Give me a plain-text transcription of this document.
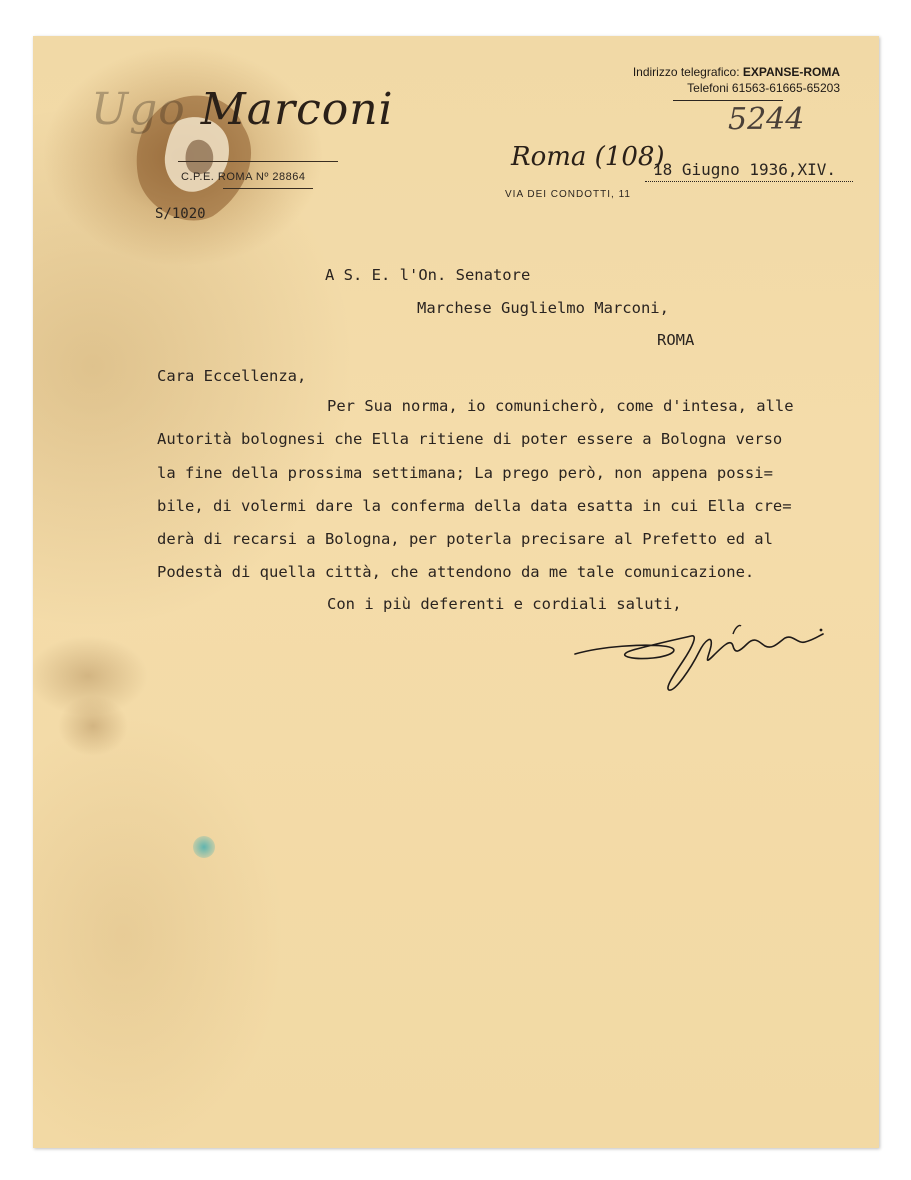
Ugo Marconi
C.P.E. ROMA Nº 28864
S/1020
Indirizzo telegrafico: EXPANSE-ROMA
Telefoni 61563-61665-65203
5244
Roma (108)
18 Giugno 1936,XIV.
VIA DEI CONDOTTI, 11
A S. E. l'On. Senatore
Marchese Guglielmo Marconi,
ROMA
Cara Eccellenza,
Per Sua norma, io comunicherò, come d'intesa, alle
Autorità bolognesi che Ella ritiene di poter essere a Bologna verso
la fine della prossima settimana; La prego però, non appena possi=
bile, di volermi dare la conferma della data esatta in cui Ella cre=
derà di recarsi a Bologna, per poterla precisare al Prefetto ed al
Podestà di quella città, che attendono da me tale comunicazione.
Con i più deferenti e cordiali saluti,
